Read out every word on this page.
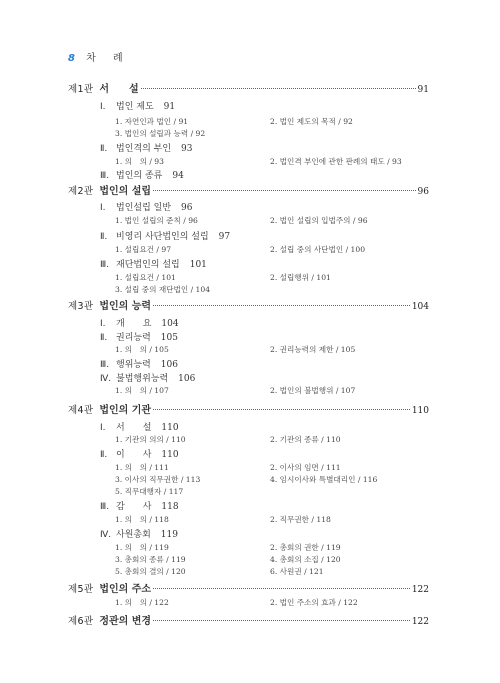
8 차 례
제1관 서　　설	91
Ⅰ. 법인 제도 91
1. 자연인과 법인 / 91	2. 법인 제도의 목적 / 92
3. 법인의 설립과 능력 / 92
Ⅱ. 법인격의 부인 93
1. 의　의 / 93	2. 법인격 부인에 관한 판례의 태도 / 93
Ⅲ. 법인의 종류 94
제2관 법인의 설립	96
Ⅰ. 법인설립 일반 96
1. 법인 설립의 준칙 / 96	2. 법인 설립의 입법주의 / 96
Ⅱ. 비영리 사단법인의 설립 97
1. 설립요건 / 97	2. 설립 중의 사단법인 / 100
Ⅲ. 재단법인의 설립 101
1. 설립요건 / 101	2. 설립행위 / 101
3. 설립 중의 재단법인 / 104
제3관 법인의 능력	104
Ⅰ. 개　　요 104
Ⅱ. 권리능력 105
1. 의　의 / 105	2. 권리능력의 제한 / 105
Ⅲ. 행위능력 106
Ⅳ. 불법행위능력 106
1. 의　의 / 107	2. 법인의 불법행위 / 107
제4관 법인의 기관	110
Ⅰ. 서　　설 110
1. 기관의 의의 / 110	2. 기관의 종류 / 110
Ⅱ. 이　　사 110
1. 의　의 / 111	2. 이사의 임면 / 111
3. 이사의 직무권한 / 113	4. 임시이사와 특별대리인 / 116
5. 직무대행자 / 117
Ⅲ. 감　　사 118
1. 의　의 / 118	2. 직무권한 / 118
Ⅳ. 사원총회 119
1. 의　의 / 119	2. 총회의 권한 / 119
3. 총회의 종류 / 119	4. 총회의 소집 / 120
5. 총회의 결의 / 120	6. 사원권 / 121
제5관 법인의 주소	122
1. 의　의 / 122	2. 법인 주소의 효과 / 122
제6관 정관의 변경	122
